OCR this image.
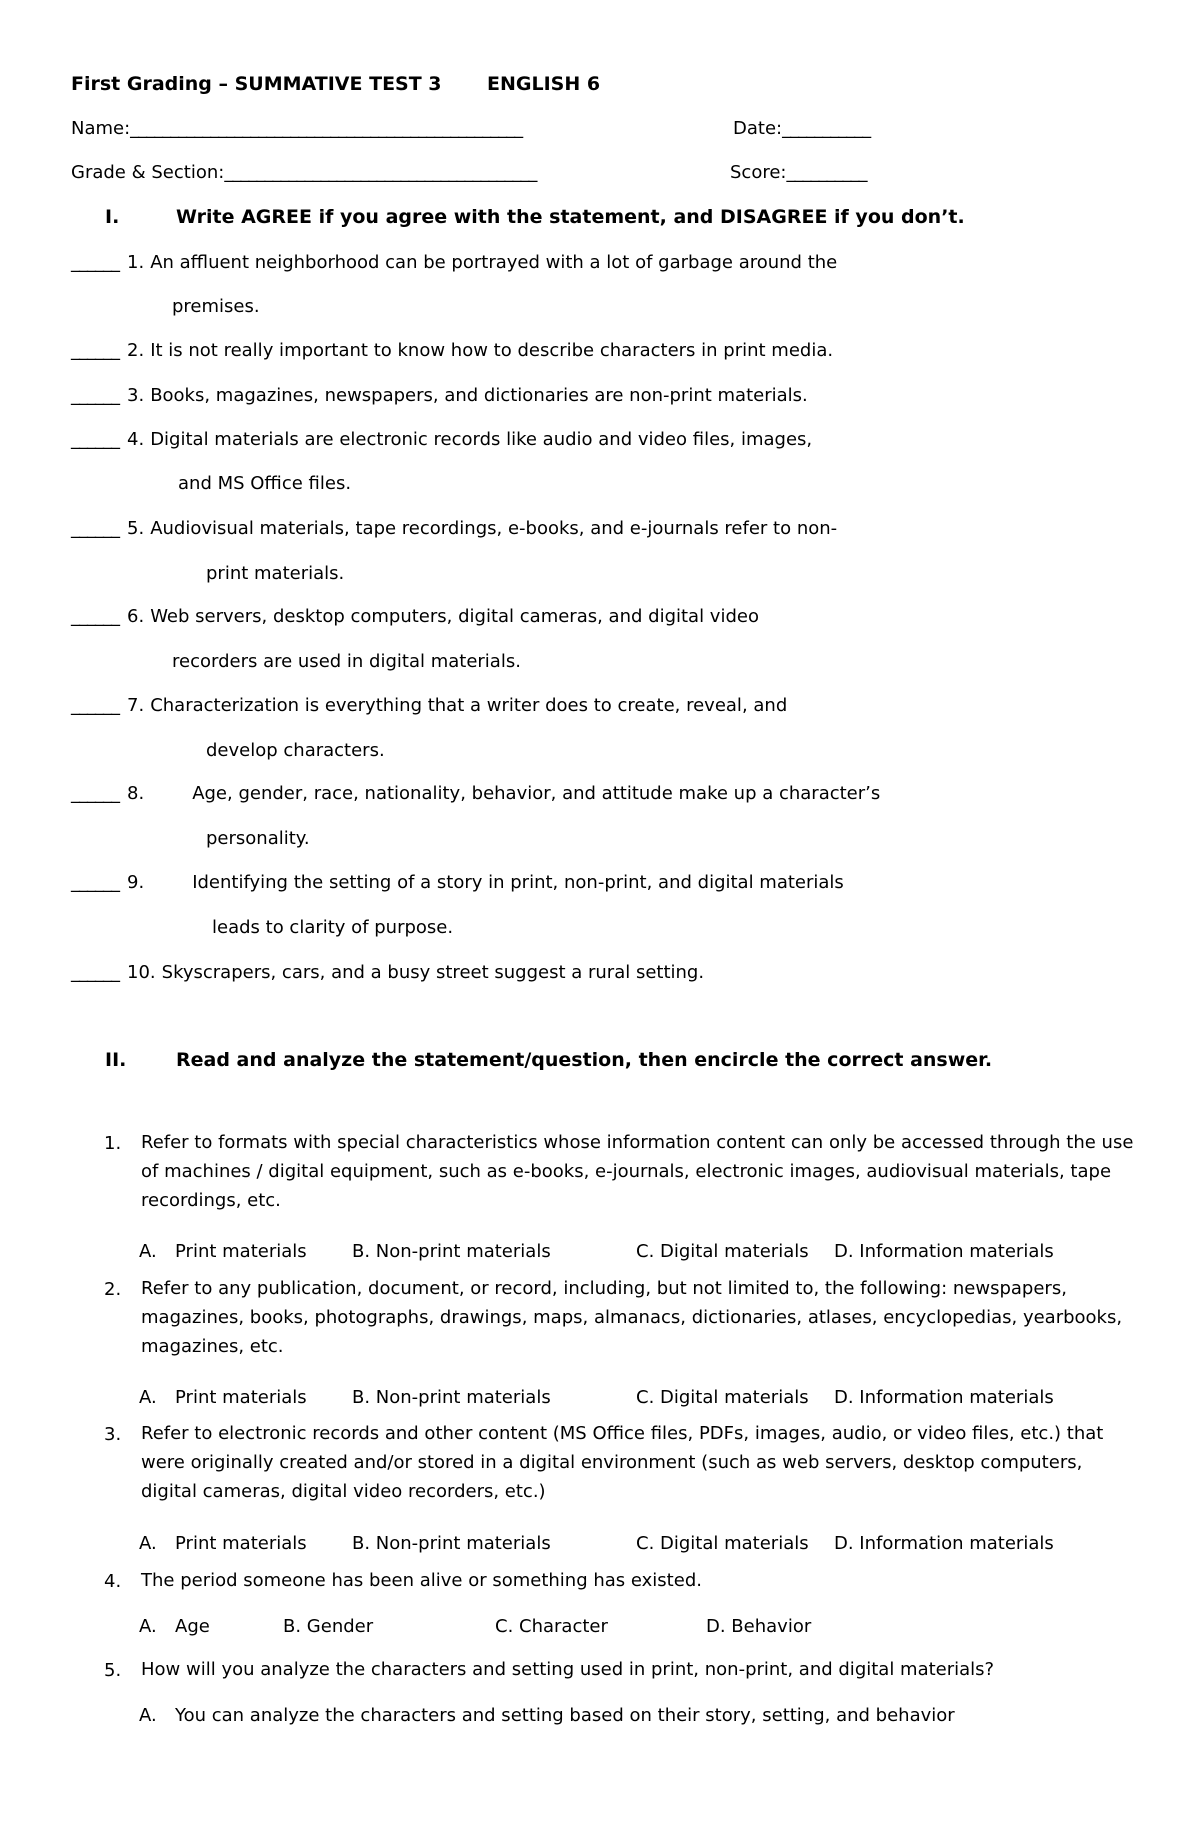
First Grading – SUMMATIVE TEST 3 ENGLISH 6
Name:_________________________________________________	Date:___________
Grade & Section:_______________________________________	Score:__________
I.	Write AGREE if you agree with the statement, and DISAGREE if you don’t.
______ 1. An affluent neighborhood can be portrayed with a lot of garbage around the
premises.
______ 2. It is not really important to know how to describe characters in print media.
______ 3. Books, magazines, newspapers, and dictionaries are non-print materials.
______ 4. Digital materials are electronic records like audio and video files, images,
and MS Office files.
______ 5. Audiovisual materials, tape recordings, e-books, and e-journals refer to non-
print materials.
______ 6. Web servers, desktop computers, digital cameras, and digital video
recorders are used in digital materials.
______ 7. Characterization is everything that a writer does to create, reveal, and
develop characters.
______ 8.	Age, gender, race, nationality, behavior, and attitude make up a character’s
personality.
______ 9.	Identifying the setting of a story in print, non-print, and digital materials
leads to clarity of purpose.
______ 10. Skyscrapers, cars, and a busy street suggest a rural setting.
II.	Read and analyze the statement/question, then encircle the correct answer.
1. Refer to formats with special characteristics whose information content can only be accessed through the use of machines / digital equipment, such as e-books, e-journals, electronic images, audiovisual materials, tape recordings, etc.
A. Print materials	B. Non-print materials	C. Digital materials D. Information materials
2. Refer to any publication, document, or record, including, but not limited to, the following: newspapers, magazines, books, photographs, drawings, maps, almanacs, dictionaries, atlases, encyclopedias, yearbooks, magazines, etc.
A. Print materials	B. Non-print materials	C. Digital materials D. Information materials
3. Refer to electronic records and other content (MS Office files, PDFs, images, audio, or video files, etc.) that were originally created and/or stored in a digital environment (such as web servers, desktop computers, digital cameras, digital video recorders, etc.)
A. Print materials	B. Non-print materials	C. Digital materials D. Information materials
4. The period someone has been alive or something has existed.
A. Age	B. Gender	C. Character	D. Behavior
5. How will you analyze the characters and setting used in print, non-print, and digital materials?
A. You can analyze the characters and setting based on their story, setting, and behavior
